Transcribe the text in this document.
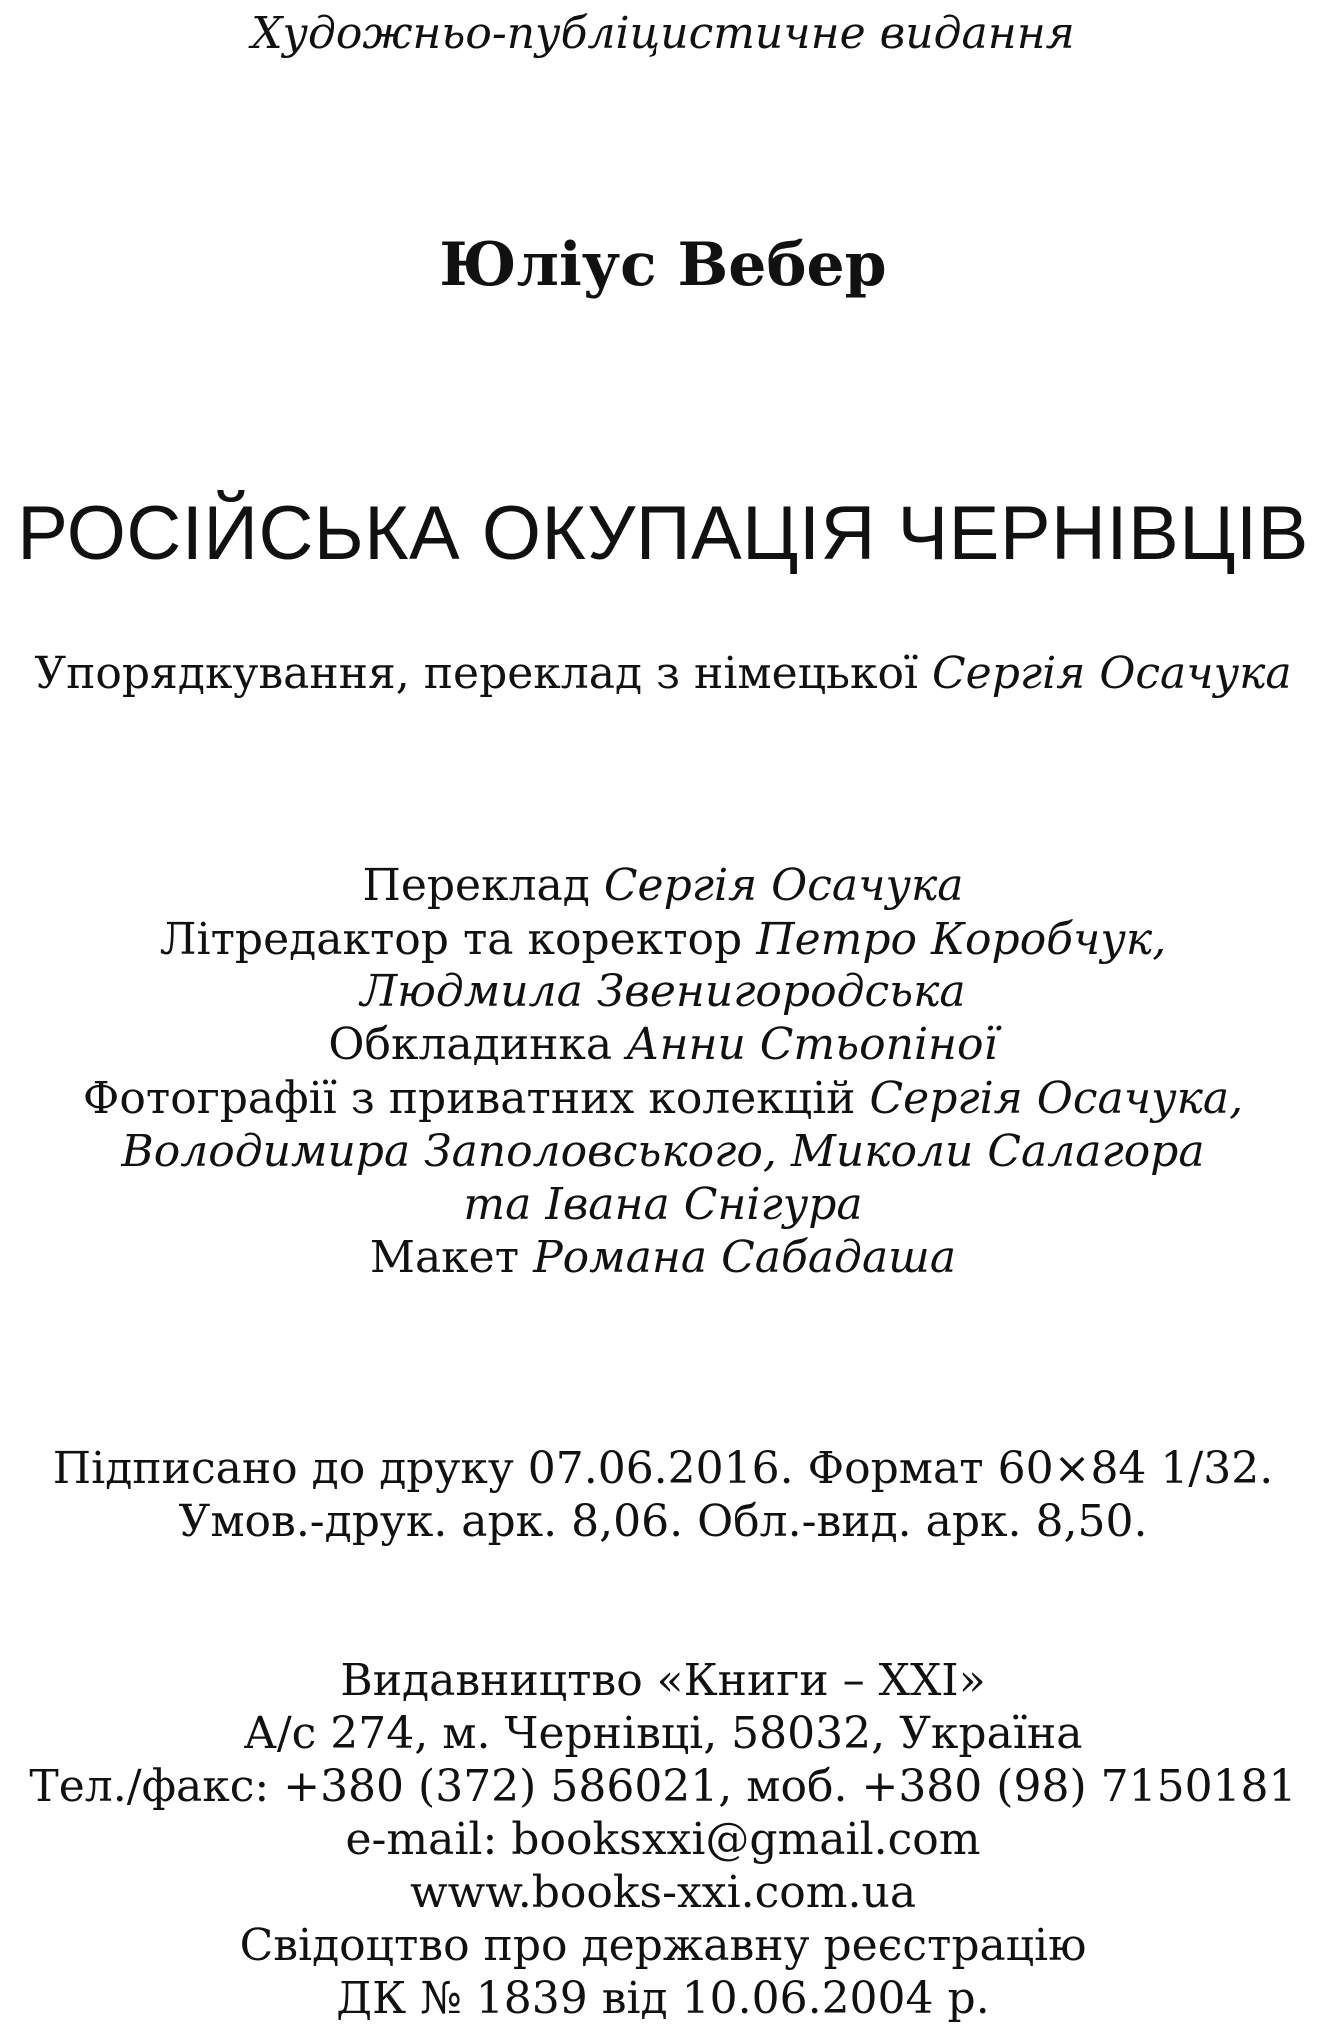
Художньо-публіцистичне видання
Юліус Вебер
РОСІЙСЬКА ОКУПАЦІЯ ЧЕРНІВЦІВ
Упорядкування, переклад з німецької Сергія Осачука
Переклад Сергія Осачука
Літредактор та коректор Петро Коробчук,
Людмила Звенигородська
Обкладинка Анни Стьопіної
Фотографії з приватних колекцій Сергія Осачука,
Володимира Заполовського, Миколи Салагора
та Івана Снігура
Макет Романа Сабадаша
Підписано до друку 07.06.2016. Формат 60×84 1/32.
Умов.-друк. арк. 8,06. Обл.-вид. арк. 8,50.
Видавництво «Книги – ХХІ»
А/с 274, м. Чернівці, 58032, Україна
Тел./факс: +380 (372) 586021, моб. +380 (98) 7150181
e-mail: booksxxi@gmail.com
www.books-xxi.com.ua
Свідоцтво про державну реєстрацію
ДК № 1839 від 10.06.2004 р.
